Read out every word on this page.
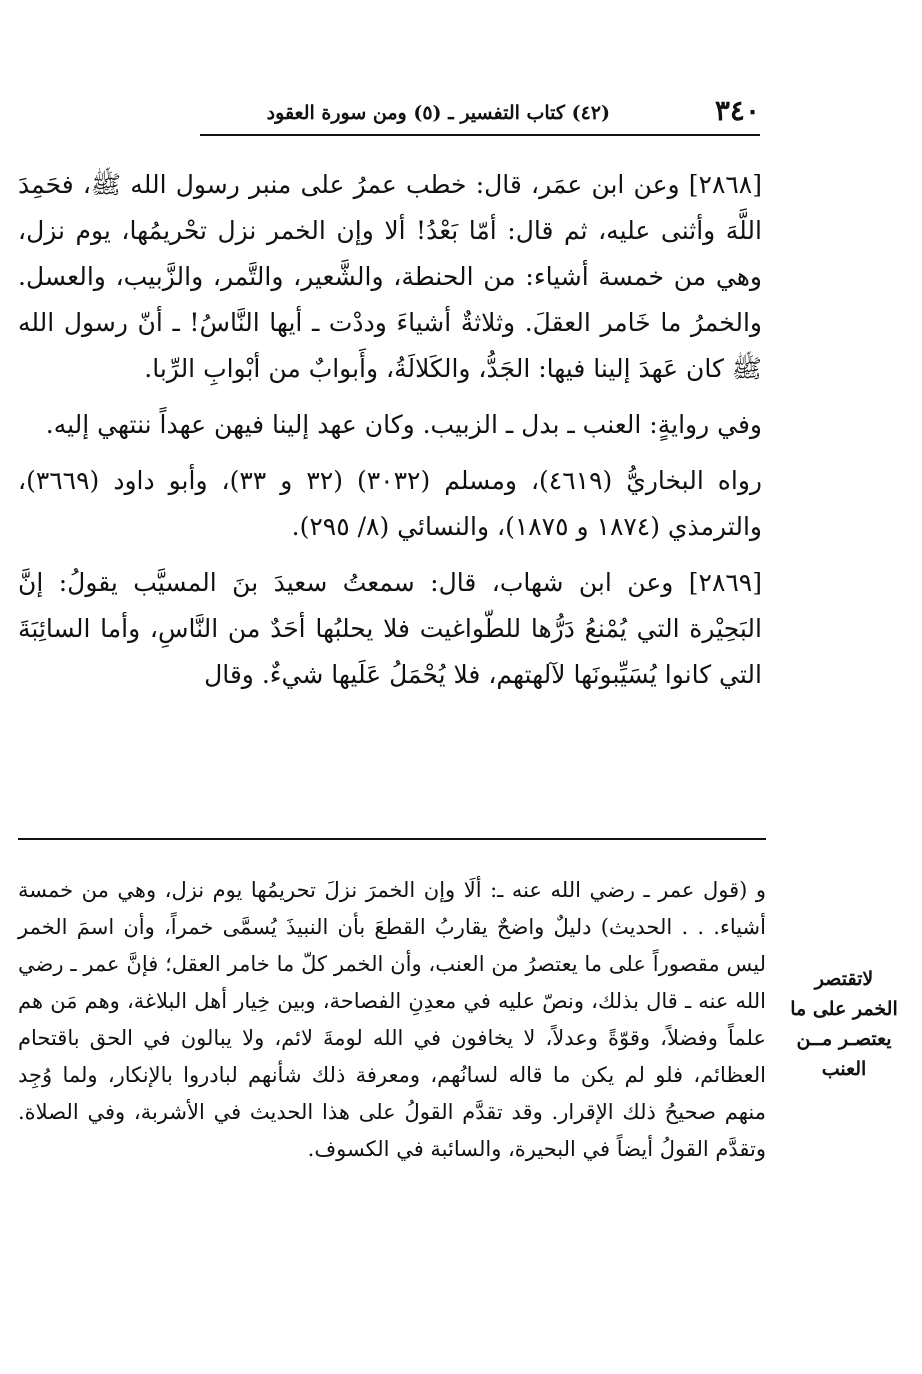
٣٤٠
(٤٢) كتاب التفسير ـ (٥) ومن سورة العقود

[٢٨٦٨] وعن ابن عمَر، قال: خطب عمرُ على منبر رسول الله ﷺ، فحَمِدَ اللَّهَ وأثنى عليه، ثم قال: أمّا بَعْدُ! ألا وإن الخمر نزل تحْريمُها، يوم نزل، وهي من خمسة أشياء: من الحنطة، والشَّعير، والتَّمر، والزَّبيب، والعسل. والخمرُ ما خَامر العقلَ. وثلاثةٌ أشياءَ وددْت ـ أيها النَّاسُ! ـ أنّ رسول الله ﷺ كان عَهدَ إلينا فيها: الجَدُّ، والكَلالَةُ، وأَبوابٌ من أبْوابِ الرِّبا.

وفي روايةٍ: العنب ـ بدل ـ الزبيب. وكان عهد إلينا فيهن عهداً ننتهي إليه.

رواه البخاريُّ (٤٦١٩)، ومسلم (٣٠٣٢) (٣٢ و ٣٣)، وأبو داود (٣٦٦٩)، والترمذي (١٨٧٤ و ١٨٧٥)، والنسائي (٨/ ٢٩٥).

[٢٨٦٩] وعن ابن شهاب، قال: سمعتُ سعيدَ بنَ المسيَّب يقولُ: إنَّ البَحِيْرة التي يُمْنعُ دَرُّها للطّواغيت فلا يحلبُها أحَدٌ من النَّاسِ، وأما السائِبَةَ التي كانوا يُسَيِّبونَها لآلهتهم، فلا يُحْمَلُ عَلَيها شيءٌ. وقال

و (قول عمر ـ رضي الله عنه ـ: ألَا وإن الخمرَ نزلَ تحريمُها يوم نزل، وهي من خمسة أشياء. . . الحديث) دليلٌ واضحٌ يقاربُ القطعَ بأن النبيذَ يُسمَّى خمراً، وأن اسمَ الخمر ليس مقصوراً على ما يعتصرُ من العنب، وأن الخمر كلّ ما خامر العقل؛ فإنَّ عمر ـ رضي الله عنه ـ قال بذلك، ونصّ عليه في معدِنِ الفصاحة، وبين خِيار أهل البلاغة، وهم مَن هم علماً وفضلاً، وقوّةً وعدلاً، لا يخافون في الله لومةَ لائم، ولا يبالون في الحق باقتحام العظائم، فلو لم يكن ما قاله لسانُهم، ومعرفة ذلك شأنهم لبادروا بالإنكار، ولما وُجِد منهم صحيحُ ذلك الإقرار. وقد تقدَّم القولُ على هذا الحديث في الأشربة، وفي الصلاة. وتقدَّم القولُ أيضاً في البحيرة، والسائبة في الكسوف.

لاتقتصر
الخمر على ما
يعتصـر مــن
العنب
